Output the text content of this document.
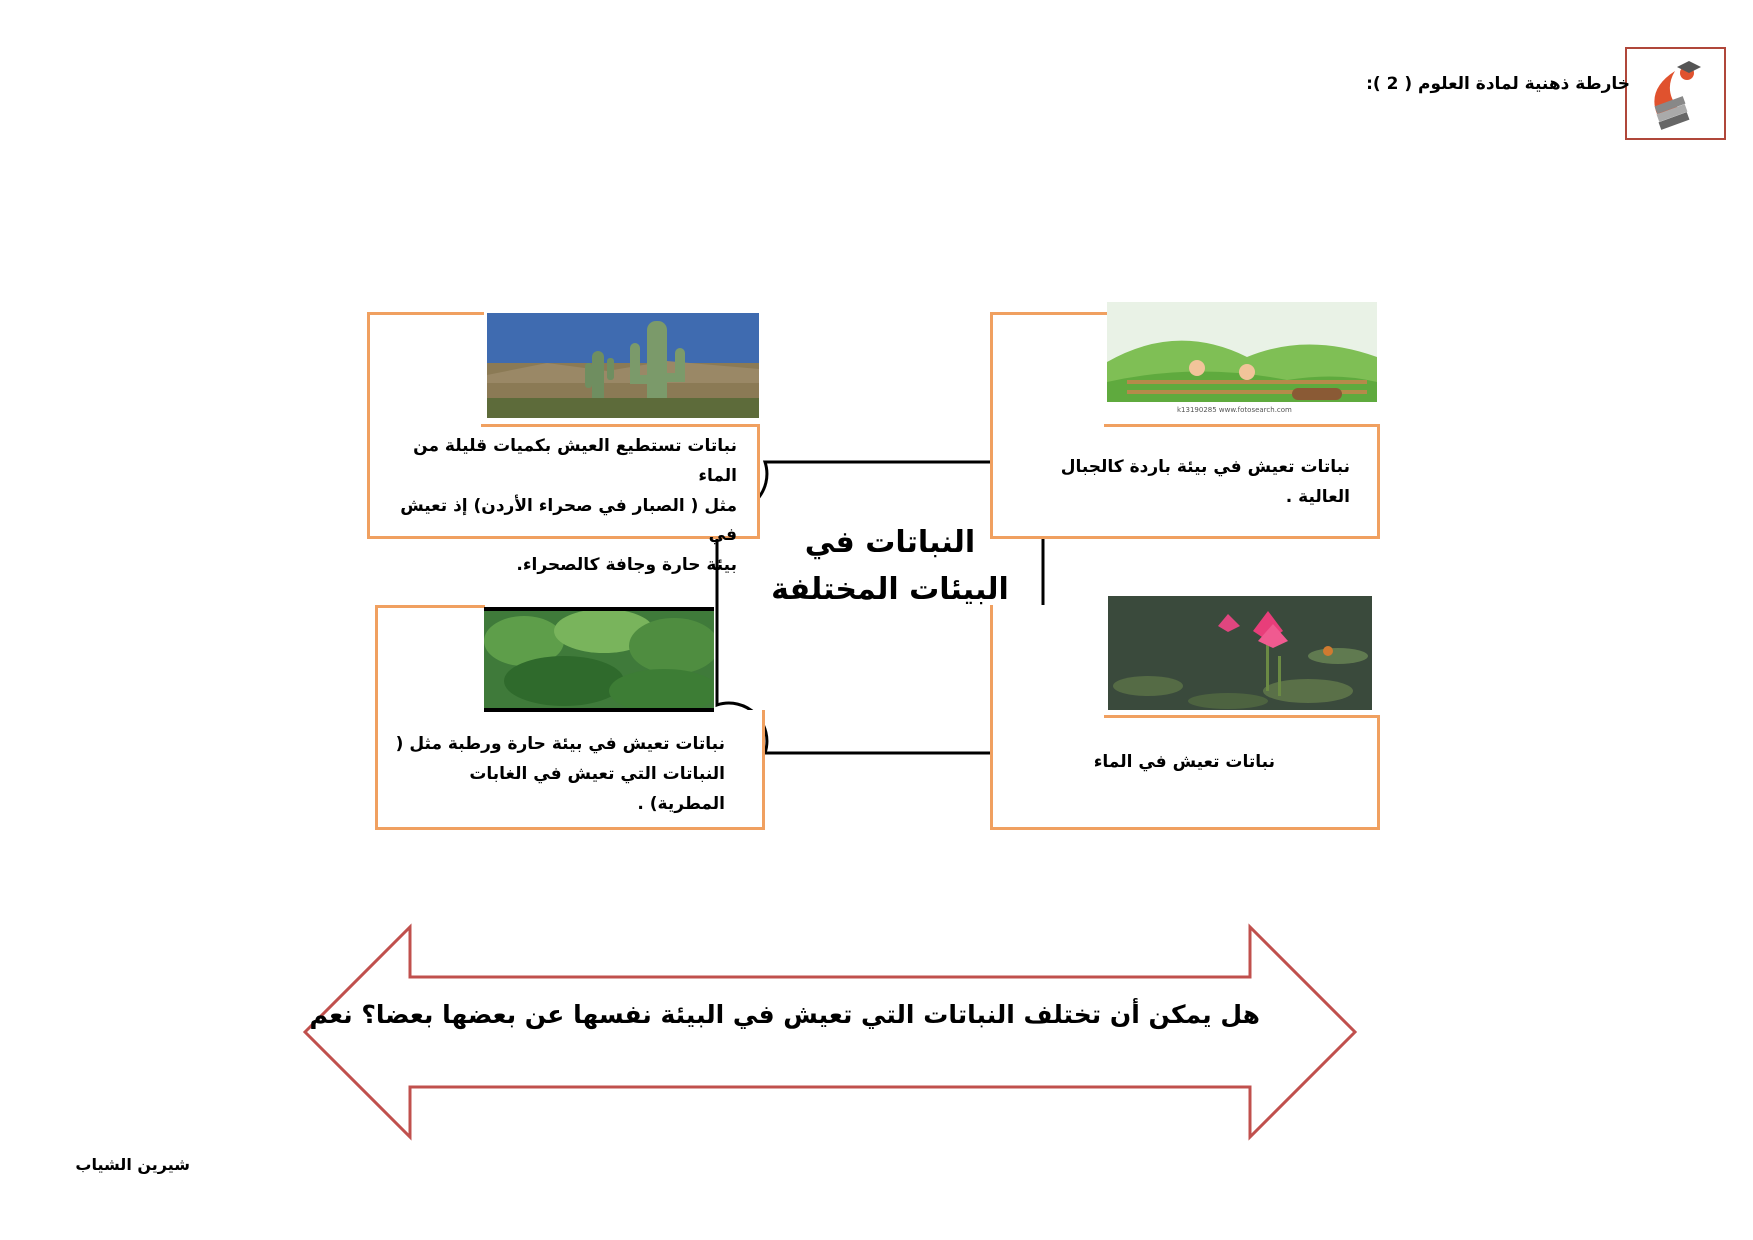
خارطة ذهنية لمادة العلوم ( 2 ):
نباتات تستطيع العيش بكميات قليلة من الماء
مثل ( الصبار في صحراء الأردن) إذ تعيش في
بيئة حارة وجافة كالصحراء.
k13190285 www.fotosearch.com
نباتات تعيش في بيئة باردة كالجبال العالية .
نباتات تعيش في بيئة حارة ورطبة مثل (
النباتات التي تعيش في الغابات المطرية) .
نباتات تعيش في الماء
النباتات في
البيئات المختلفة
هل يمكن أن تختلف النباتات التي تعيش في البيئة نفسها عن بعضها بعضا؟ نعم
شيرين الشياب
